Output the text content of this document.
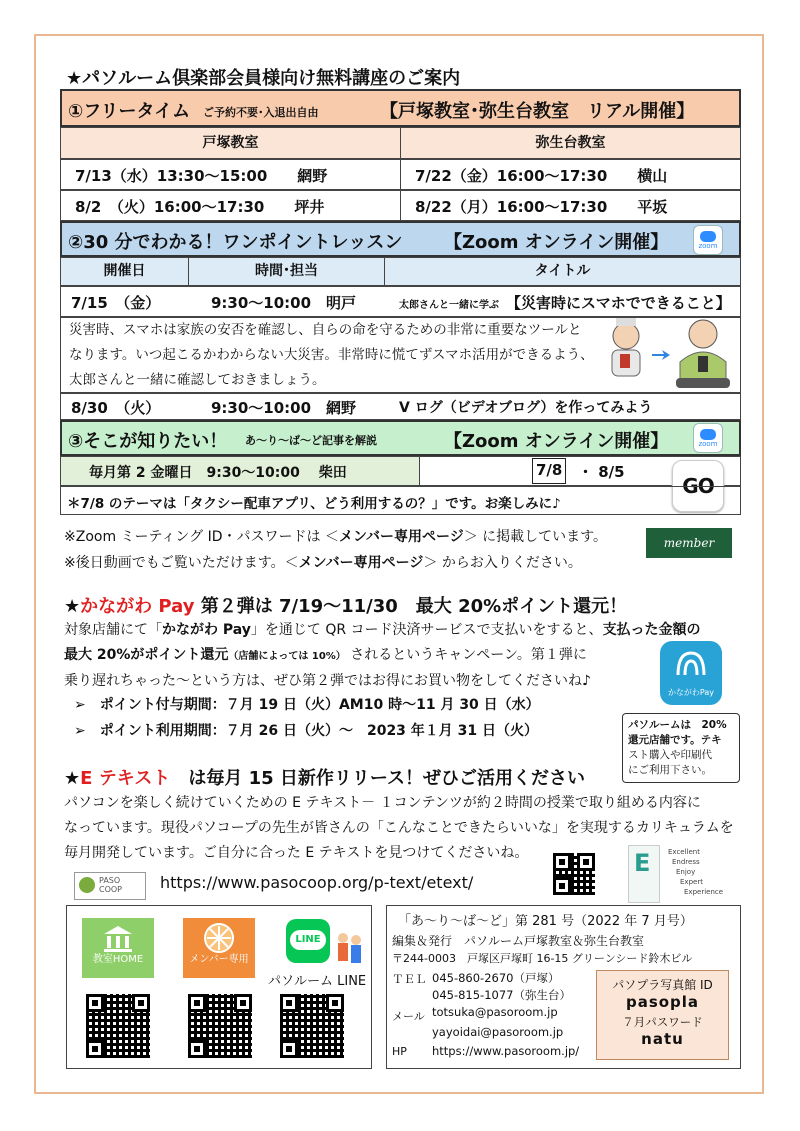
★パソルーム倶楽部会員様向け無料講座のご案内
①フリータイム ご予約不要･入退出自由	【戸塚教室･弥生台教室　リアル開催】
戸塚教室	弥生台教室
7/13（水）13:30～15:00　　網野	7/22（金）16:00～17:30　　横山
8/2　（火）16:00～17:30　　坪井	8/22（月）16:00～17:30　　平坂
②30 分でわかる！ワンポイントレッスン 【Zoom オンライン開催】	zoom
開催日	時間･担当	タイトル
7/15　（金）	9:30～10:00　明戸	太郎さんと一緒に学ぶ 【災害時にスマホでできること】
災害時、スマホは家族の安否を確認し、自らの命を守るための非常に重要なツールと
なります。いつ起こるかわからない大災害。非常時に慌てずスマホ活用ができるよう、
太郎さんと一緒に確認しておきましょう。
8/30　（火）	9:30～10:00　網野	V ログ（ビデオブログ）を作ってみよう
③そこが知りたい！ あ～り～ば～ど記事を解説	【Zoom オンライン開催】	zoom
毎月第 2 金曜日　9:30～10:00　 柴田	7/8 ・ 8/5
GO
＊7/8 のテーマは「タクシー配車アプリ、どう利用するの？」です。お楽しみに♪
※Zoom ミーティング ID・パスワードは ＜メンバー専用ページ＞ に掲載しています。
※後日動画でもご覧いただけます。＜メンバー専用ページ＞ からお入りください。
member
★かながわ Pay 第２弾は 7/19～11/30　最大 20%ポイント還元！
対象店舗にて「かながわ Pay」を通じて QR コード決済サービスで支払いをすると、支払った金額の
最大 20%がポイント還元（店舗によっては 10%） されるというキャンペーン。第１弾に
乗り遅れちゃった～という方は、ぜひ第２弾ではお得にお買い物をしてくださいね♪
➢　 ポイント付与期間：７月 19 日（火）AM10 時～11 月 30 日（水）
➢　 ポイント利用期間：７月 26 日（火）～　2023 年１月 31 日（火）
かながわPay
パソルームは　20%
還元店舗です。テキ
スト購入や印刷代
にご利用下さい。
★E テキスト　は毎月 15 日新作リリース！ぜひご活用ください
パソコンを楽しく続けていくための E テキスト－ １コンテンツが約２時間の授業で取り組める内容に
なっています。現役パソコープの先生が皆さんの「こんなことできたらいいな」を実現するカリキュラムを
毎月開発しています。ご自分に合った E テキストを見つけてくださいね。
PASO COOP	https://www.pasocoop.org/p-text/etext/
E	Excellent
Endress
Enjoy
Expert
Experience
教室HOME	メンバー専用
LINE
パソルーム LINE
「あ～り～ば～ど」第 281 号（2022 年 7 月号）
編集＆発行　パソルーム戸塚教室＆弥生台教室
〒244-0003　戸塚区戸塚町 16-15 グリーンシード鈴木ビル
ＴＥＬ 045-860-2670（戸塚）
045-815-1077（弥生台）
メール totsuka@pasoroom.jp
yayoidai@pasoroom.jp
HP https://www.pasoroom.jp/
パソプラ写真館 ID
pasopla
７月パスワード
natu
